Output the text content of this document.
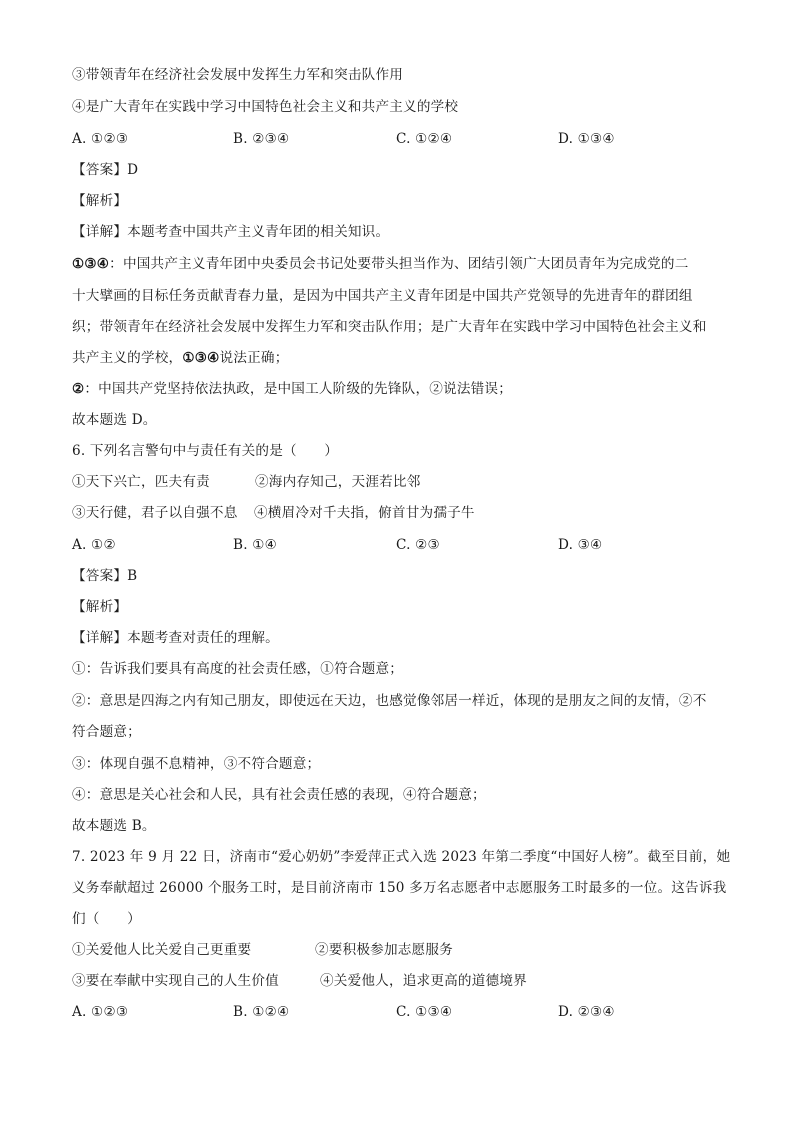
③带领青年在经济社会发展中发挥生力军和突击队作用
④是广大青年在实践中学习中国特色社会主义和共产主义的学校
A. ①②③	B. ②③④	C. ①②④	D. ①③④
【答案】D
【解析】
【详解】本题考查中国共产主义青年团的相关知识。
①③④：中国共产主义青年团中央委员会书记处要带头担当作为、团结引领广大团员青年为完成党的二
十大擘画的目标任务贡献青春力量，是因为中国共产主义青年团是中国共产党领导的先进青年的群团组
织；带领青年在经济社会发展中发挥生力军和突击队作用；是广大青年在实践中学习中国特色社会主义和
共产主义的学校，①③④说法正确；
②：中国共产党坚持依法执政，是中国工人阶级的先锋队，②说法错误；
故本题选 D。
6. 下列名言警句中与责任有关的是（　　）
①天下兴亡，匹夫有责	②海内存知己，天涯若比邻
③天行健，君子以自强不息 ④横眉冷对千夫指，俯首甘为孺子牛
A. ①②	B. ①④	C. ②③	D. ③④
【答案】B
【解析】
【详解】本题考查对责任的理解。
①：告诉我们要具有高度的社会责任感，①符合题意；
②：意思是四海之内有知己朋友，即使远在天边，也感觉像邻居一样近，体现的是朋友之间的友情，②不
符合题意；
③：体现自强不息精神，③不符合题意；
④：意思是关心社会和人民，具有社会责任感的表现，④符合题意；
故本题选 B。
7. 2023 年 9 月 22 日，济南市“爱心奶奶”李爱萍正式入选 2023 年第二季度“中国好人榜”。截至目前，她
义务奉献超过 26000 个服务工时，是目前济南市 150 多万名志愿者中志愿服务工时最多的一位。这告诉我
们（　　）
①关爱他人比关爱自己更重要	②要积极参加志愿服务
③要在奉献中实现自己的人生价值	④关爱他人，追求更高的道德境界
A. ①②③	B. ①②④	C. ①③④	D. ②③④
